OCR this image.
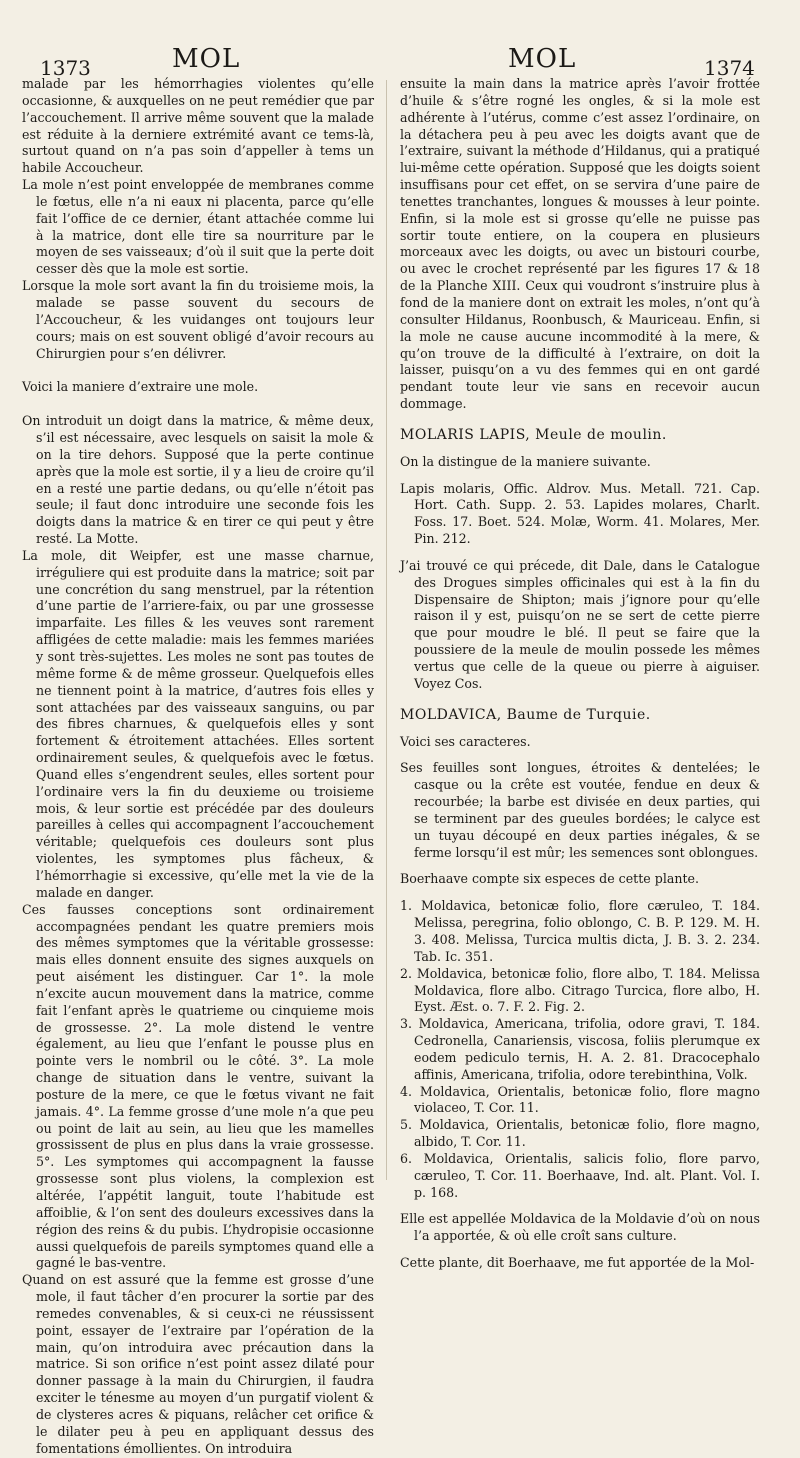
1373	MOL	MOL	1374

malade par les hémorrhagies violentes qu’elle occasionne, & auxquelles on ne peut remédier que par l’accouchement. Il arrive même souvent que la malade est réduite à la derniere extrémité avant ce tems-là, surtout quand on n’a pas soin d’appeller à tems un habile Accoucheur.

La mole n’est point enveloppée de membranes comme le fœtus, elle n’a ni eaux ni placenta, parce qu’elle fait l’office de ce dernier, étant attachée comme lui à la matrice, dont elle tire sa nourriture par le moyen de ses vaisseaux; d’où il suit que la perte doit cesser dès que la mole est sortie.

Lorsque la mole sort avant la fin du troisieme mois, la malade se passe souvent du secours de l’Accoucheur, & les vuidanges ont toujours leur cours; mais on est souvent obligé d’avoir recours au Chirurgien pour s’en délivrer.

Voici la maniere d’extraire une mole.

On introduit un doigt dans la matrice, & même deux, s’il est nécessaire, avec lesquels on saisit la mole & on la tire dehors. Supposé que la perte continue après que la mole est sortie, il y a lieu de croire qu’il en a resté une partie dedans, ou qu’elle n’étoit pas seule; il faut donc introduire une seconde fois les doigts dans la matrice & en tirer ce qui peut y être resté. La Motte.

La mole, dit Weipfer, est une masse charnue, irréguliere qui est produite dans la matrice; soit par une concrétion du sang menstruel, par la rétention d’une partie de l’arriere-faix, ou par une grossesse imparfaite. Les filles & les veuves sont rarement affligées de cette maladie: mais les femmes mariées y sont très-sujettes. Les moles ne sont pas toutes de même forme & de même grosseur. Quelquefois elles ne tiennent point à la matrice, d’autres fois elles y sont attachées par des vaisseaux sanguins, ou par des fibres charnues, & quelquefois elles y sont fortement & étroitement attachées. Elles sortent ordinairement seules, & quelquefois avec le fœtus. Quand elles s’engendrent seules, elles sortent pour l’ordinaire vers la fin du deuxieme ou troisieme mois, & leur sortie est précédée par des douleurs pareilles à celles qui accompagnent l’accouchement véritable; quelquefois ces douleurs sont plus violentes, les symptomes plus fâcheux, & l’hémorrhagie si excessive, qu’elle met la vie de la malade en danger.

Ces fausses conceptions sont ordinairement accompagnées pendant les quatre premiers mois des mêmes symptomes que la véritable grossesse: mais elles donnent ensuite des signes auxquels on peut aisément les distinguer. Car 1°. la mole n’excite aucun mouvement dans la matrice, comme fait l’enfant après le quatrieme ou cinquieme mois de grossesse. 2°. La mole distend le ventre également, au lieu que l’enfant le pousse plus en pointe vers le nombril ou le côté. 3°. La mole change de situation dans le ventre, suivant la posture de la mere, ce que le fœtus vivant ne fait jamais. 4°. La femme grosse d’une mole n’a que peu ou point de lait au sein, au lieu que les mamelles grossissent de plus en plus dans la vraie grossesse. 5°. Les symptomes qui accompagnent la fausse grossesse sont plus violens, la complexion est altérée, l’appétit languit, toute l’habitude est affoiblie, & l’on sent des douleurs excessives dans la région des reins & du pubis. L’hydropisie occasionne aussi quelquefois de pareils symptomes quand elle a gagné le bas-ventre.

Quand on est assuré que la femme est grosse d’une mole, il faut tâcher d’en procurer la sortie par des remedes convenables, & si ceux-ci ne réussissent point, essayer de l’extraire par l’opération de la main, qu’on introduira avec précaution dans la matrice. Si son orifice n’est point assez dilaté pour donner passage à la main du Chirurgien, il faudra exciter le ténesme au moyen d’un purgatif violent & de clysteres acres & piquans, relâcher cet orifice & le dilater peu à peu en appliquant dessus des fomentations émollientes. On introduira

ensuite la main dans la matrice après l’avoir frottée d’huile & s’être rogné les ongles, & si la mole est adhérente à l’utérus, comme c’est assez l’ordinaire, on la détachera peu à peu avec les doigts avant que de l’extraire, suivant la méthode d’Hildanus, qui a pratiqué lui-même cette opération. Supposé que les doigts soient insuffisans pour cet effet, on se servira d’une paire de tenettes tranchantes, longues & mousses à leur pointe. Enfin, si la mole est si grosse qu’elle ne puisse pas sortir toute entiere, on la coupera en plusieurs morceaux avec les doigts, ou avec un bistouri courbe, ou avec le crochet représenté par les figures 17 & 18 de la Planche XIII. Ceux qui voudront s’instruire plus à fond de la maniere dont on extrait les moles, n’ont qu’à consulter Hildanus, Roonbusch, & Mauriceau. Enfin, si la mole ne cause aucune incommodité à la mere, & qu’on trouve de la difficulté à l’extraire, on doit la laisser, puisqu’on a vu des femmes qui en ont gardé pendant toute leur vie sans en recevoir aucun dommage.

MOLARIS LAPIS, Meule de moulin.

On la distingue de la maniere suivante.

Lapis molaris, Offic. Aldrov. Mus. Metall. 721. Cap. Hort. Cath. Supp. 2. 53. Lapides molares, Charlt. Foss. 17. Boet. 524. Molæ, Worm. 41. Molares, Mer. Pin. 212.

J’ai trouvé ce qui précede, dit Dale, dans le Catalogue des Drogues simples officinales qui est à la fin du Dispensaire de Shipton; mais j’ignore pour qu’elle raison il y est, puisqu’on ne se sert de cette pierre que pour moudre le blé. Il peut se faire que la poussiere de la meule de moulin possede les mêmes vertus que celle de la queue ou pierre à aiguiser. Voyez Cos.

MOLDAVICA, Baume de Turquie.

Voici ses caracteres.

Ses feuilles sont longues, étroites & dentelées; le casque ou la crête est voutée, fendue en deux & recourbée; la barbe est divisée en deux parties, qui se terminent par des gueules bordées; le calyce est un tuyau découpé en deux parties inégales, & se ferme lorsqu’il est mûr; les semences sont oblongues.

Boerhaave compte six especes de cette plante.

1. Moldavica, betonicæ folio, flore cæruleo, T. 184. Melissa, peregrina, folio oblongo, C. B. P. 129. M. H. 3. 408. Melissa, Turcica multis dicta, J. B. 3. 2. 234. Tab. Ic. 351.

2. Moldavica, betonicæ folio, flore albo, T. 184. Melissa Moldavica, flore albo. Citrago Turcica, flore albo, H. Eyst. Æst. o. 7. F. 2. Fig. 2.

3. Moldavica, Americana, trifolia, odore gravi, T. 184. Cedronella, Canariensis, viscosa, foliis plerumque ex eodem pediculo ternis, H. A. 2. 81. Dracocephalo affinis, Americana, trifolia, odore terebinthina, Volk.

4. Moldavica, Orientalis, betonicæ folio, flore magno violaceo, T. Cor. 11.

5. Moldavica, Orientalis, betonicæ folio, flore magno, albido, T. Cor. 11.

6. Moldavica, Orientalis, salicis folio, flore parvo, cæruleo, T. Cor. 11. Boerhaave, Ind. alt. Plant. Vol. I. p. 168.

Elle est appellée Moldavica de la Moldavie d’où on nous l’a apportée, & où elle croît sans culture.

Cette plante, dit Boerhaave, me fut apportée de la Mol-
